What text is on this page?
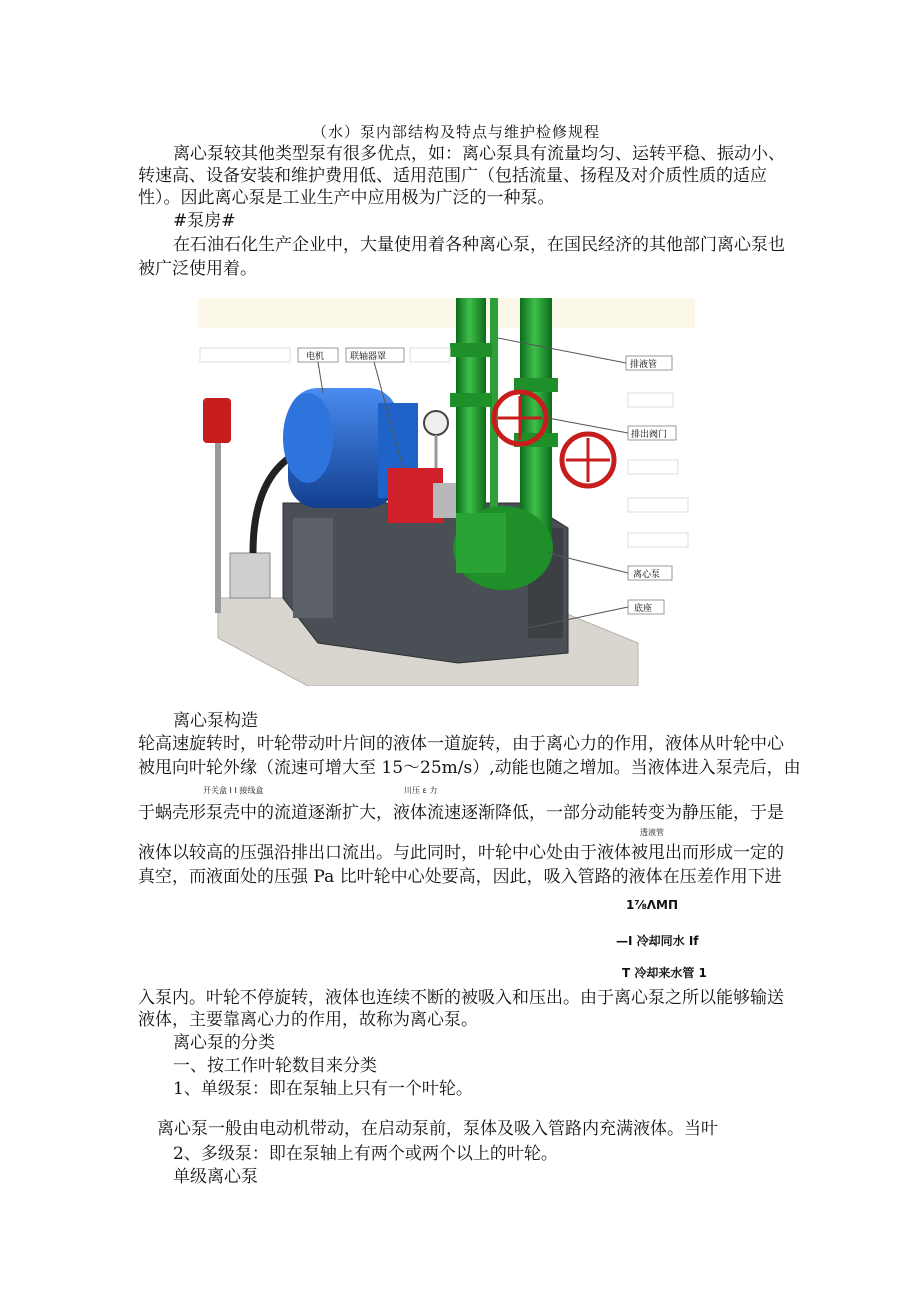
（水）泵内部结构及特点与维护检修规程
离心泵较其他类型泵有很多优点，如：离心泵具有流量均匀、运转平稳、振动小、
转速高、设备安装和维护费用低、适用范围广（包括流量、扬程及对介质性质的适应
性）。因此离心泵是工业生产中应用极为广泛的一种泵。
#泵房#
在石油石化生产企业中，大量使用着各种离心泵，在国民经济的其他部门离心泵也
被广泛使用着。
电机	联轴器罩
排液管
排出阀门
离心泵
底座
离心泵构造
轮高速旋转时，叶轮带动叶片间的液体一道旋转，由于离心力的作用，液体从叶轮中心
被甩向叶轮外缘（流速可增大至 15～25m/s）,动能也随之增加。当液体进入泵壳后，由
开关盒 I I 接线盒	川压 ε 力
于蜗壳形泵壳中的流道逐渐扩大，液体流速逐渐降低，一部分动能转变为静压能，于是
透液管
液体以较高的压强沿排出口流出。与此同时，叶轮中心处由于液体被甩出而形成一定的
真空，而液面处的压强 Pa 比叶轮中心处要高，因此，吸入管路的液体在压差作用下进
1⅞ΛMΠ
—I 冷却同水 If
T 冷却来水管 1
入泵内。叶轮不停旋转，液体也连续不断的被吸入和压出。由于离心泵之所以能够输送
液体，主要靠离心力的作用，故称为离心泵。
离心泵的分类
一、按工作叶轮数目来分类
1、单级泵：即在泵轴上只有一个叶轮。
离心泵一般由电动机带动，在启动泵前，泵体及吸入管路内充满液体。当叶
2、多级泵：即在泵轴上有两个或两个以上的叶轮。
单级离心泵
